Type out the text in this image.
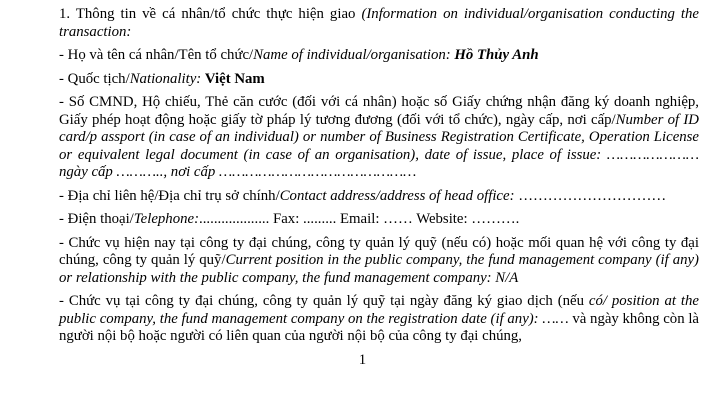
1. Thông tin về cá nhân/tổ chức thực hiện giao (Information on individual/organisation conducting the transaction:

- Họ và tên cá nhân/Tên tổ chức/Name of individual/organisation: Hồ Thủy Anh

- Quốc tịch/Nationality: Việt Nam

- Số CMND, Hộ chiếu, Thẻ căn cước (đối với cá nhân) hoặc số Giấy chứng nhận đăng ký doanh nghiệp, Giấy phép hoạt động hoặc giấy tờ pháp lý tương đương (đối với tổ chức), ngày cấp, nơi cấp/Number of ID card/p assport (in case of an individual) or number of Business Registration Certificate, Operation License or equivalent legal document (in case of an organisation), date of issue, place of issue: ………………… ngày cấp ……….., nơi cấp ………………………………………

- Địa chỉ liên hệ/Địa chỉ trụ sở chính/Contact address/address of head office: …………………………

- Điện thoại/Telephone:................... Fax: ......... Email: …… Website: ……….

- Chức vụ hiện nay tại công ty đại chúng, công ty quản lý quỹ (nếu có) hoặc mối quan hệ với công ty đại chúng, công ty quản lý quỹ/Current position in the public company, the fund management company (if any) or relationship with the public company, the fund management company: N/A

- Chức vụ tại công ty đại chúng, công ty quản lý quỹ tại ngày đăng ký giao dịch (nếu có/ position at the public company, the fund management company on the registration date (if any): …… và ngày không còn là người nội bộ hoặc người có liên quan của người nội bộ của công ty đại chúng,

1
